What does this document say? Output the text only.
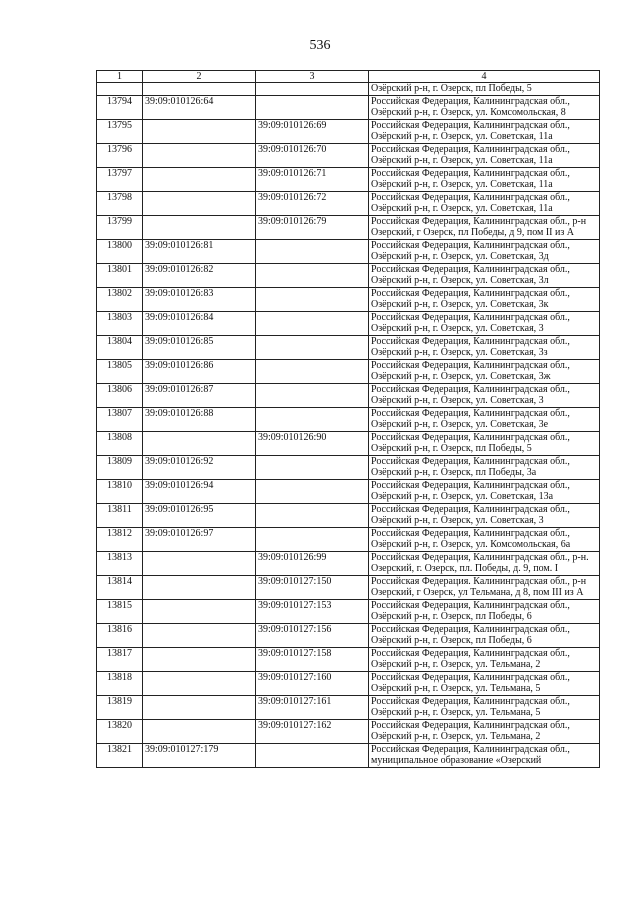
536
1	2	3	4
			Озёрский р-н, г. Озерск, пл Победы, 5
13794	39:09:010126:64		Российская Федерация, Калининградская обл., Озёрский р-н, г. Озерск, ул. Комсомольская, 8
13795		39:09:010126:69	Российская Федерация, Калининградская обл., Озёрский р-н, г. Озерск, ул. Советская, 11а
13796		39:09:010126:70	Российская Федерация, Калининградская обл., Озёрский р-н, г. Озерск, ул. Советская, 11а
13797		39:09:010126:71	Российская Федерация, Калининградская обл., Озёрский р-н, г. Озерск, ул. Советская, 11а
13798		39:09:010126:72	Российская Федерация, Калининградская обл., Озёрский р-н, г. Озерск, ул. Советская, 11а
13799		39:09:010126:79	Российская Федерация, Калининградская обл., р-н Озерский, г Озерск, пл Победы, д 9, пом II из А
13800	39:09:010126:81		Российская Федерация, Калининградская обл., Озёрский р-н, г. Озерск, ул. Советская, 3д
13801	39:09:010126:82		Российская Федерация, Калининградская обл., Озёрский р-н, г. Озерск, ул. Советская, 3л
13802	39:09:010126:83		Российская Федерация, Калининградская обл., Озёрский р-н, г. Озерск, ул. Советская, 3к
13803	39:09:010126:84		Российская Федерация, Калининградская обл., Озёрский р-н, г. Озерск, ул. Советская, 3
13804	39:09:010126:85		Российская Федерация, Калининградская обл., Озёрский р-н, г. Озерск, ул. Советская, 3з
13805	39:09:010126:86		Российская Федерация, Калининградская обл., Озёрский р-н, г. Озерск, ул. Советская, 3ж
13806	39:09:010126:87		Российская Федерация, Калининградская обл., Озёрский р-н, г. Озерск, ул. Советская, 3
13807	39:09:010126:88		Российская Федерация, Калининградская обл., Озёрский р-н, г. Озерск, ул. Советская, 3е
13808		39:09:010126:90	Российская Федерация, Калининградская обл., Озёрский р-н, г. Озерск, пл Победы, 5
13809	39:09:010126:92		Российская Федерация, Калининградская обл., Озёрский р-н, г. Озерск, пл Победы, 3а
13810	39:09:010126:94		Российская Федерация, Калининградская обл., Озёрский р-н, г. Озерск, ул. Советская, 13а
13811	39:09:010126:95		Российская Федерация, Калининградская обл., Озёрский р-н, г. Озерск, ул. Советская, 3
13812	39:09:010126:97		Российская Федерация, Калининградская обл., Озёрский р-н, г. Озерск, ул. Комсомольская, 6а
13813		39:09:010126:99	Российская Федерация, Калининградская обл., р-н. Озерский, г. Озерск, пл. Победы, д. 9, пом. I
13814		39:09:010127:150	Российская Федерация. Калининградская обл., р-н Озерский, г Озерск, ул Тельмана, д 8, пом III из А
13815		39:09:010127:153	Российская Федерация, Калининградская обл., Озёрский р-н, г. Озерск, пл Победы, 6
13816		39:09:010127:156	Российская Федерация, Калининградская обл., Озёрский р-н, г. Озерск, пл Победы, 6
13817		39:09:010127:158	Российская Федерация, Калининградская обл., Озёрский р-н, г. Озерск, ул. Тельмана, 2
13818		39:09:010127:160	Российская Федерация, Калининградская обл., Озёрский р-н, г. Озерск, ул. Тельмана, 5
13819		39:09:010127:161	Российская Федерация, Калининградская обл., Озёрский р-н, г. Озерск, ул. Тельмана, 5
13820		39:09:010127:162	Российская Федерация, Калининградская обл., Озёрский р-н, г. Озерск, ул. Тельмана, 2
13821	39:09:010127:179		Российская Федерация, Калининградская обл., муниципальное образование «Озерский
